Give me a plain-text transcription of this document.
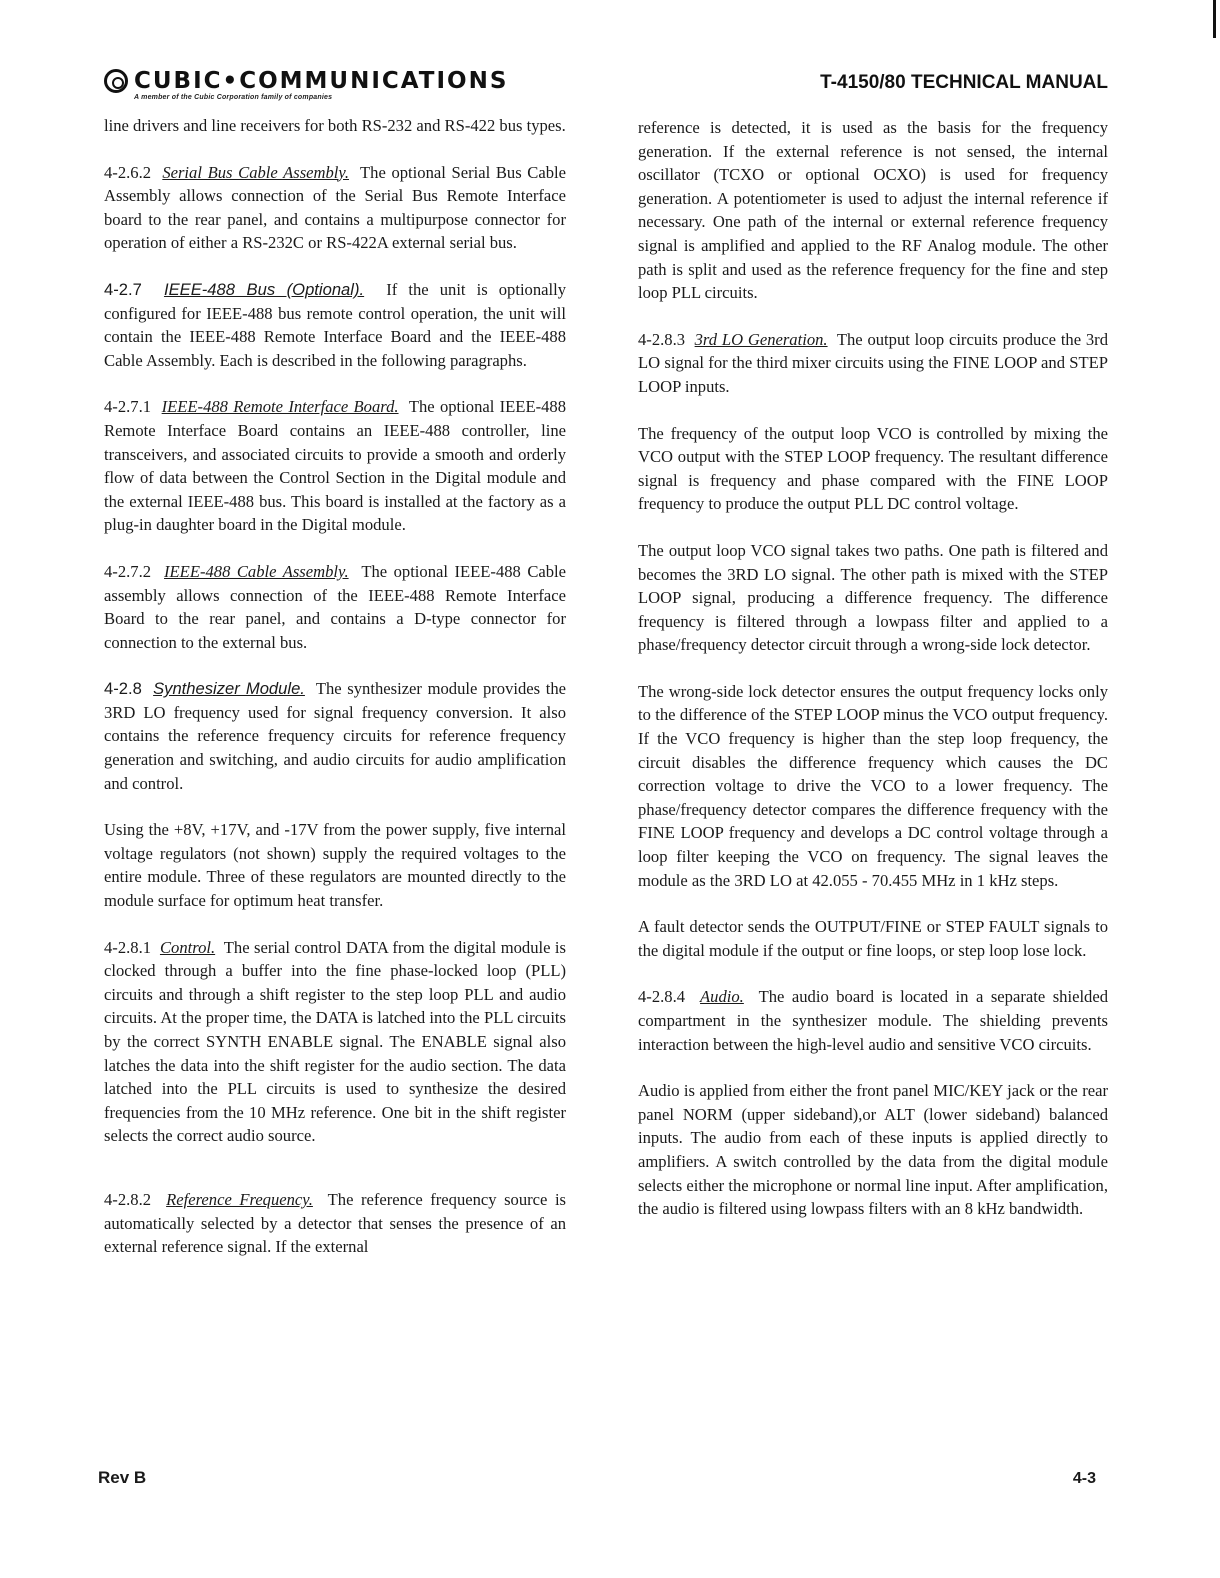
CUBIC•COMMUNICATIONS
A member of the Cubic Corporation family of companies
T-4150/80 TECHNICAL MANUAL

line drivers and line receivers for both RS-232 and RS-422 bus types.

4-2.6.2 Serial Bus Cable Assembly. The optional Serial Bus Cable Assembly allows connection of the Serial Bus Remote Interface board to the rear panel, and contains a multipurpose connector for operation of either a RS-232C or RS-422A external serial bus.

4-2.7 IEEE-488 Bus (Optional). If the unit is optionally configured for IEEE-488 bus remote control operation, the unit will contain the IEEE-488 Remote Interface Board and the IEEE-488 Cable Assembly. Each is described in the following paragraphs.

4-2.7.1 IEEE-488 Remote Interface Board. The optional IEEE-488 Remote Interface Board contains an IEEE-488 controller, line transceivers, and associated circuits to provide a smooth and orderly flow of data between the Control Section in the Digital module and the external IEEE-488 bus. This board is installed at the factory as a plug-in daughter board in the Digital module.

4-2.7.2 IEEE-488 Cable Assembly. The optional IEEE-488 Cable assembly allows connection of the IEEE-488 Remote Interface Board to the rear panel, and contains a D-type connector for connection to the external bus.

4-2.8 Synthesizer Module. The synthesizer module provides the 3RD LO frequency used for signal frequency conversion. It also contains the reference frequency circuits for reference frequency generation and switching, and audio circuits for audio amplification and control.

Using the +8V, +17V, and -17V from the power supply, five internal voltage regulators (not shown) supply the required voltages to the entire module. Three of these regulators are mounted directly to the module surface for optimum heat transfer.

4-2.8.1 Control. The serial control DATA from the digital module is clocked through a buffer into the fine phase-locked loop (PLL) circuits and through a shift register to the step loop PLL and audio circuits. At the proper time, the DATA is latched into the PLL circuits by the correct SYNTH ENABLE signal. The ENABLE signal also latches the data into the shift register for the audio section. The data latched into the PLL circuits is used to synthesize the desired frequencies from the 10 MHz reference. One bit in the shift register selects the correct audio source.

4-2.8.2 Reference Frequency. The reference frequency source is automatically selected by a detector that senses the presence of an external reference signal. If the external

reference is detected, it is used as the basis for the frequency generation. If the external reference is not sensed, the internal oscillator (TCXO or optional OCXO) is used for frequency generation. A potentiometer is used to adjust the internal reference if necessary. One path of the internal or external reference frequency signal is amplified and applied to the RF Analog module. The other path is split and used as the reference frequency for the fine and step loop PLL circuits.

4-2.8.3 3rd LO Generation. The output loop circuits produce the 3rd LO signal for the third mixer circuits using the FINE LOOP and STEP LOOP inputs.

The frequency of the output loop VCO is controlled by mixing the VCO output with the STEP LOOP frequency. The resultant difference signal is frequency and phase compared with the FINE LOOP frequency to produce the output PLL DC control voltage.

The output loop VCO signal takes two paths. One path is filtered and becomes the 3RD LO signal. The other path is mixed with the STEP LOOP signal, producing a difference frequency. The difference frequency is filtered through a lowpass filter and applied to a phase/frequency detector circuit through a wrong-side lock detector.

The wrong-side lock detector ensures the output frequency locks only to the difference of the STEP LOOP minus the VCO output frequency. If the VCO frequency is higher than the step loop frequency, the circuit disables the difference frequency which causes the DC correction voltage to drive the VCO to a lower frequency. The phase/frequency detector compares the difference frequency with the FINE LOOP frequency and develops a DC control voltage through a loop filter keeping the VCO on frequency. The signal leaves the module as the 3RD LO at 42.055 - 70.455 MHz in 1 kHz steps.

A fault detector sends the OUTPUT/FINE or STEP FAULT signals to the digital module if the output or fine loops, or step loop lose lock.

4-2.8.4 Audio. The audio board is located in a separate shielded compartment in the synthesizer module. The shielding prevents interaction between the high-level audio and sensitive VCO circuits.

Audio is applied from either the front panel MIC/KEY jack or the rear panel NORM (upper sideband),or ALT (lower sideband) balanced inputs. The audio from each of these inputs is applied directly to amplifiers. A switch controlled by the data from the digital module selects either the microphone or normal line input. After amplification, the audio is filtered using lowpass filters with an 8 kHz bandwidth.

Rev B	4-3
